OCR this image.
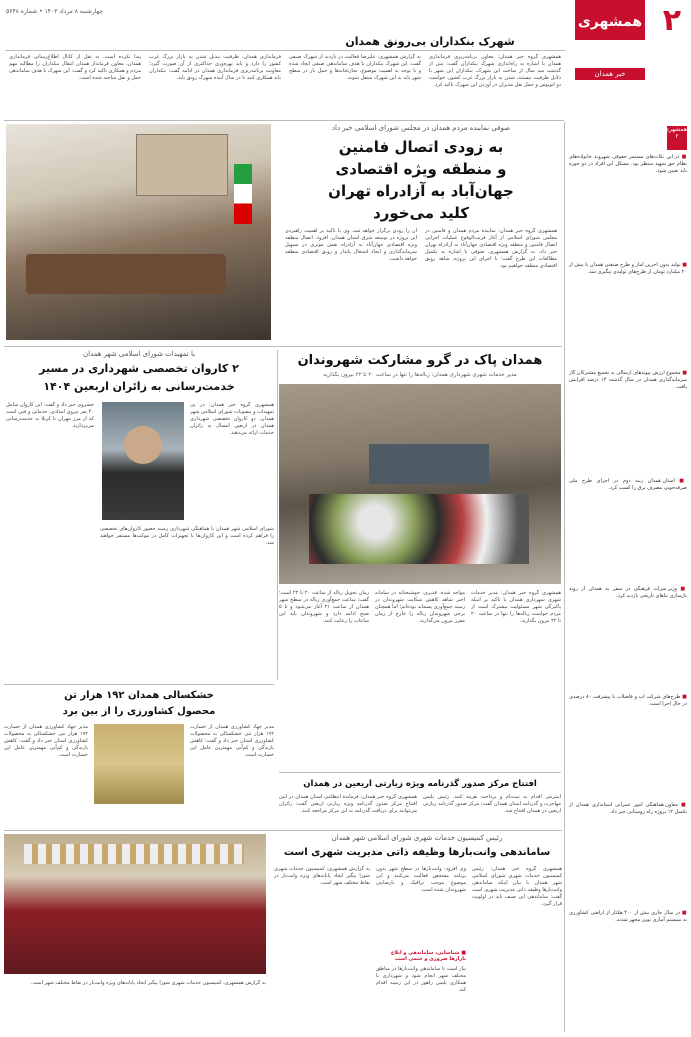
۲
همشهری
چهارشنبه ۸ مرداد ۱۴۰۳ • شماره ۵۶۴۸
شهرک بنکداران بی‌رونق همدان
همشهری گروه خبر همدان: معاون برنامه‌ریزی فرمانداری همدان با اشاره به راه‌اندازی شهرک بنکداران گفت: پس از گذشت سه سال از ساخت این شهرک، بنکداران این شهر با دلایل ظرفیت نیستند، شدن به بازار بزرگ غرب کشور، خواست دو اتوبوس و حمل نقل مدیران در آوردن این شهرک تاکید کرد.
به گزارش همشهری: علیرضا فعالیت در بازدید از شهرک صنفی گفت: این شهرک بنکداران با هدف ساماندهی صنفی ایجاد شده و با توجه به اهمیت موضوع، تجارتخانه‌ها و حمل بار در سطح شهر باید به این شهرک منتقل شوند.
فرمانداری همدان، ظرفیت تبدیل شدن به بازار بزرگ غرب کشور را دارد و باید بهره‌وری حداکثری از آن صورت گیرد؛ معاونت برنامه‌ریزی فرمانداری همدان در ادامه گفت: بنکداران باید همکاری کنند تا در سال آینده شهرک رونق یابد.
پیدا نکرده است. به نقل از کانال اطلاع‌رسانی فرمانداری همدان، معاون فرماندار همدان انتقال بنکداران را مطالبه مهم مردم و همکاری تاکید کرد و گفت: این شهرک با هدف ساماندهی حمل و نقل ساخته شده است.	خبر همدان
همشهری ۲
■ در این نکات‌های مستمر حقوقی شهروند خانواده‌های نظام حق شهید منتظر بود. مشکل این افراد در دو حوزه باید تعیین شود.
■ تولید بدون آخرین آمار و طرح صنعتی همدان با بیش از ۲۰ میلیارد تومان از طرح‌های تولیدی پیگیری شد.
■ مجموع ارزش پیوندهای ارسالی به تجمیع مشترکان گاز سرمایه‌گذاری همدان در سال گذشته ۱۴ درصد افزایش یافت.
■ استان همدان رتبه دوم در اجرای طرح ملی صرفه‌جویی مصرف برق را کسب کرد.
■ وزیر میراث فرهنگی در سفر به همدان از روند بازسازی بناهای تاریخی بازدید کرد.
■ طرح‌های شرکت آب و فاضلاب با پیشرفت ۸۰ درصدی در حال اجرا است.
■ معاون هماهنگی امور عمرانی استانداری همدان از تکمیل ۱۲ پروژه راه روستایی خبر داد.
■ در سال جاری بیش از ۴۰۰ هکتار از اراضی کشاورزی به سیستم آبیاری نوین مجهز شدند.
صوفی نماینده مردم همدان در مجلس شورای اسلامی خبر داد
به زودی اتصال فامنین
و منطقه ویژه اقتصادی
جهان‌آباد به آزادراه تهران
کلید می‌خورد
همشهری گروه خبر همدان: نماینده مردم همدان و فامنین در مجلس شورای اسلامی از آغاز قریب‌الوقوع عملیات اجرایی اتصال فامنین و منطقه ویژه اقتصادی جهان‌آباد به آزادراه تهران خبر داد. به گزارش همشهری، صوفی با اشاره به تکمیل مطالعات این طرح گفت: با اجرای این پروژه، شاهد رونق اقتصادی منطقه خواهیم بود.
آن را زودی برگزار خواهد شد. وی با تاکید بر اهمیت راهبردی این پروژه در توسعه شرق استان همدان، افزود: اتصال منطقه ویژه اقتصادی جهان‌آباد به آزادراه نقش موثری در تسهیل سرمایه‌گذاری و ایجاد اشتغال پایدار و رونق اقتصادی منطقه خواهد داشت.
با تمهیدات شورای اسلامی شهر همدان
۲ کاروان تخصصی شهرداری در مسیر
خدمت‌رسانی به زائران اربعین ۱۴۰۴
همشهری گروه خبر همدان: در پی تمهیدات و مصوبات شورای اسلامی شهر همدان، دو کاروان تخصصی شهرداری همدان در اربعین امسال به زائران خدمات ارائه می‌دهند.
خسروی خبر داد و گفت: این کاروان شامل ۴۰ نفر نیروی امدادی، خدماتی و فنی است که از مرز مهران تا کربلا به خدمت‌رسانی می‌پردازند.
شورای اسلامی شهر همدان با هماهنگی شهرداری زمینه حضور کاروان‌های تخصصی را فراهم کرده است و این کاروان‌ها با تجهیزات کامل در موکب‌ها مستقر خواهند شد.
همدان پاک در گرو مشارکت شهروندان
مدیر خدمات شهری شهرداری همدان: زباله‌ها را تنها در ساعت ۲۰ تا ۲۲ بیرون بگذارید
همشهری گروه خبر همدان: مدیر خدمات شهری شهرداری همدان با تاکید بر اینکه پاکیزگی شهر مسئولیت مشترک است از مردم خواست زباله‌ها را تنها در ساعت ۲۰ تا ۲۲ بیرون بگذارند.
مواجه شده. قدیری، خوشبختانه در سامانه اخیر شاهد کاهش شکایت شهروندان در زمینه جمع‌آوری پسماند بوده‌ایم؛ اما همچنان برخی شهروندان زباله را خارج از زمان مقرر بیرون می‌گذارند.
زمان تحویل زباله از ساعت ۲۰ تا ۲۲ است؛ گفت: ساعت جمع‌آوری زباله در سطح شهر همدان از ساعت ۲۱ آغاز می‌شود و تا ۵ صبح ادامه دارد و شهروندان باید این ساعات را رعایت کنند.
خشکسالی همدان ۱۹۲ هزار تن
محصول کشاورزی را از بین برد
مدیر جهاد کشاورزی همدان از خسارت ۱۹۲ هزار تنی خشکسالی به محصولات کشاورزی استان خبر داد و گفت: کاهش بارندگی و کم‌آبی مهمترین عامل این خسارت است.
مدیر جهاد کشاورزی همدان از خسارت ۱۹۲ هزار تنی خشکسالی به محصولات کشاورزی استان خبر داد و گفت: کاهش بارندگی و کم‌آبی مهمترین عامل این خسارت است.
افتتاح مرکز صدور گذرنامه ویژه زیارتی اربعین در همدان
اینترنتی اقدام به ثبت‌نام و پرداخت هزینه کنند. رئیس پلیس مهاجرت و گذرنامه استان همدان گفت: مرکز صدور گذرنامه زیارتی اربعین در همدان افتتاح شد.
همشهری گروه خبر همدان: فرمانده انتظامی استان همدان در آیین افتتاح مرکز صدور گذرنامه ویژه زیارتی اربعین گفت: زائران می‌توانند برای دریافت گذرنامه به این مرکز مراجعه کنند.
رئیس کمیسیون خدمات شهری شورای اسلامی شهر همدان
ساماندهی وانت‌بارها وظیفه ذاتی مدیریت شهری است
همشهری گروه خبر همدان: رئیس کمیسیون خدمات شهری شورای اسلامی شهر همدان با بیان اینکه ساماندهی وانت‌بارها وظیفه ذاتی مدیریت شهری است گفت: ساماندهی این صنف باید در اولویت قرار گیرد.
وی افزود: وانت‌بارها در سطح شهر بدون برنامه مشخص فعالیت می‌کنند و این موضوع موجب ترافیک و نارضایتی شهروندان شده است.
■ شناسایی، ساماندهی و ابلاغ بازارها ضروری و حتمی است
نیاز است تا ساماندهی وانت‌بارها در مناطق مختلف شهر انجام شود و شهرداری با همکاری پلیس راهور در این زمینه اقدام کند.
به گزارش همشهری، کمیسیون خدمات شهری شورا پیگیر ایجاد پایانه‌های ویژه وانت‌بار در نقاط مختلف شهر است.
به گزارش همشهری، کمیسیون خدمات شهری شورا پیگیر ایجاد پایانه‌های ویژه وانت‌بار در نقاط مختلف شهر است.
